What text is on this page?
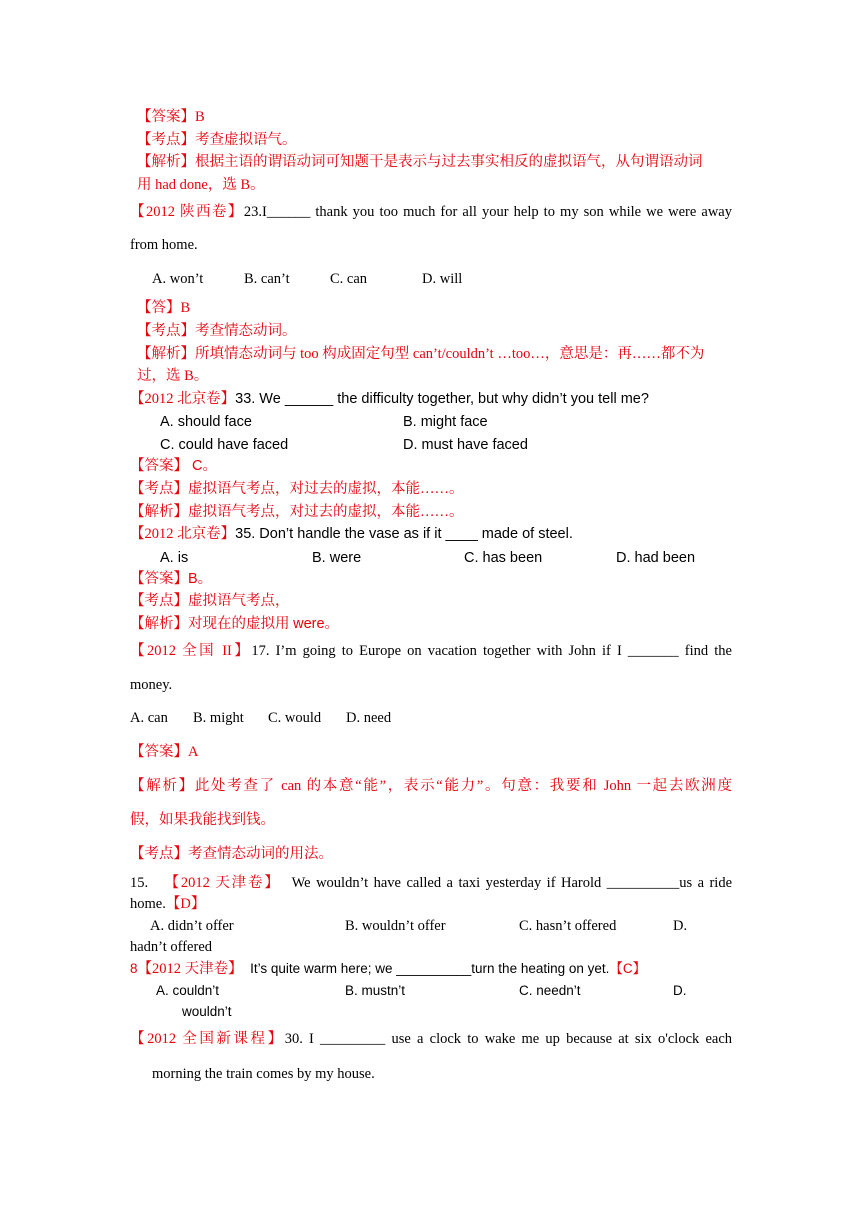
【答案】B
【考点】考查虚拟语气。
【解析】根据主语的谓语动词可知题干是表示与过去事实相反的虚拟语气，从句谓语动词
用 had done，选 B。
【2012 陕西卷】23.I______ thank you too much for all your help to my son while we were away
from home.
A. won’t	B. can’t	C. can	D. will
【答】B
【考点】考查情态动词。
【解析】所填情态动词与 too 构成固定句型 can’t/couldn’t …too…，意思是：再……都不为
过，选 B。
【2012 北京卷】33. We ______ the difficulty together, but why didn’t you tell me?
A. should face	B. might face
C. could have faced	D. must have faced
【答案】 C。
【考点】虚拟语气考点，对过去的虚拟，本能……。
【解析】虚拟语气考点，对过去的虚拟，本能……。
【2012 北京卷】35. Don’t handle the vase as if it ____ made of steel.
A. is	B. were	C. has been	D. had been
【答案】B。
【考点】虚拟语气考点，
【解析】对现在的虚拟用 were。
【2012 全国 II】17. I’m going to Europe on vacation together with John if I _______ find the
money.
A. can B. might C. would D. need
【答案】A
【解析】此处考查了 can 的本意“能”，表示“能力”。句意：我要和 John 一起去欧洲度
假，如果我能找到钱。
【考点】考查情态动词的用法。
15. 【2012 天津卷】 We wouldn’t have called a taxi yesterday if Harold __________us a ride
home.【D】
A. didn’t offer	B. wouldn’t offer	C. hasn’t offered	D.
hadn’t offered
8【2012 天津卷】 It’s quite warm here; we __________turn the heating on yet.【C】
A. couldn’t	B. mustn’t	C. needn’t	D.
wouldn’t
【2012 全国新课程】30. I _________ use a clock to wake me up because at six o'clock each
morning the train comes by my house.
